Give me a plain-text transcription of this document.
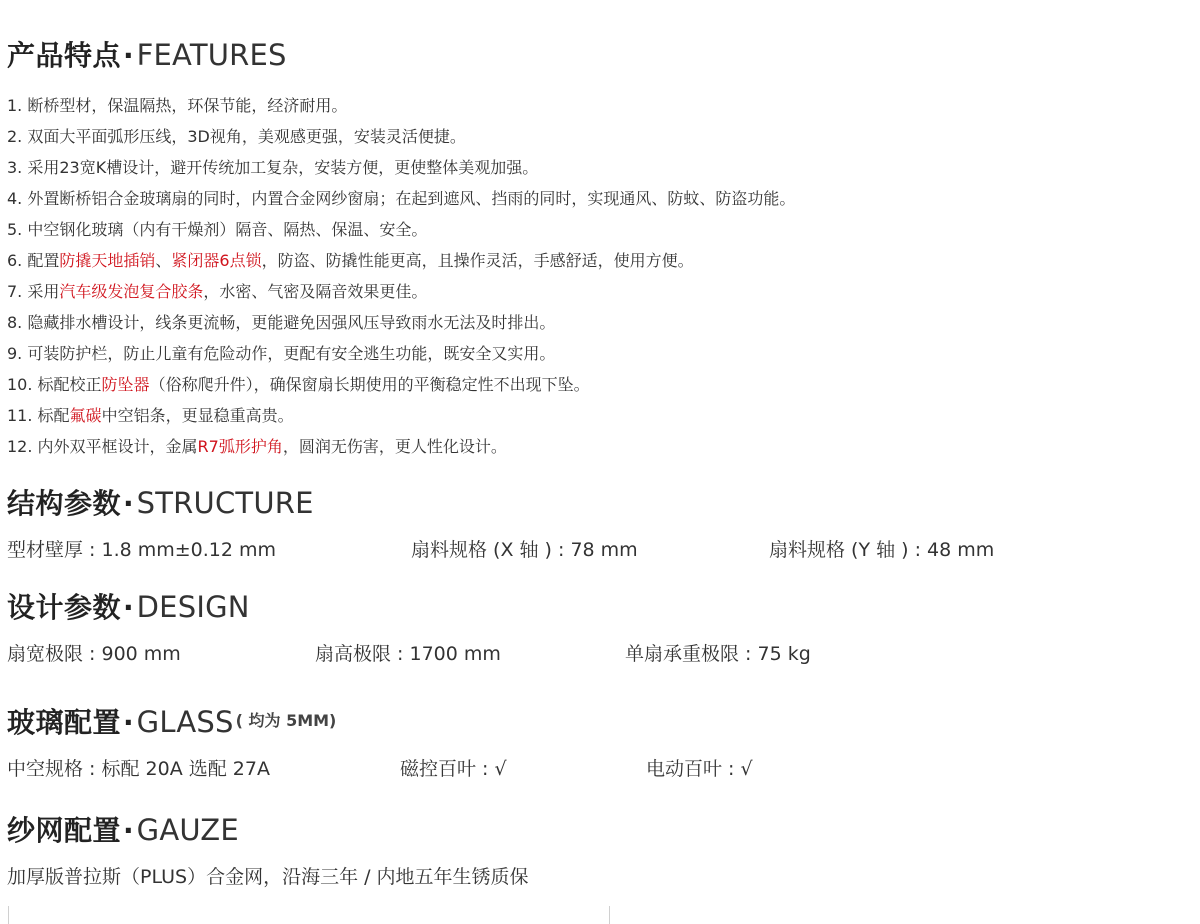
产品特点· FEATURES
1. 断桥型材，保温隔热，环保节能，经济耐用。
2. 双面大平面弧形压线，3D视角，美观感更强，安装灵活便捷。
3. 采用23宽K槽设计，避开传统加工复杂，安装方便，更使整体美观加强。
4. 外置断桥铝合金玻璃扇的同时，内置合金网纱窗扇；在起到遮风、挡雨的同时，实现通风、防蚊、防盗功能。
5. 中空钢化玻璃（内有干燥剂）隔音、隔热、保温、安全。
6. 配置防撬天地插销、紧闭器6点锁，防盗、防撬性能更高，且操作灵活，手感舒适，使用方便。
7. 采用汽车级发泡复合胶条，水密、气密及隔音效果更佳。
8. 隐藏排水槽设计，线条更流畅，更能避免因强风压导致雨水无法及时排出。
9. 可装防护栏，防止儿童有危险动作，更配有安全逃生功能，既安全又实用。
10. 标配校正防坠器（俗称爬升件），确保窗扇长期使用的平衡稳定性不出现下坠。
11. 标配氟碳中空铝条，更显稳重高贵。
12. 内外双平框设计，金属R7弧形护角，圆润无伤害，更人性化设计。
结构参数· STRUCTURE
型材壁厚 : 1.8 mm±0.12 mm	扇料规格 (X 轴 ) : 78 mm	扇料规格 (Y 轴 ) : 48 mm
设计参数· DESIGN
扇宽极限 : 900 mm	扇高极限 : 1700 mm	单扇承重极限 : 75 kg
玻璃配置· GLASS $^{( 均为 5MM)}$
中空规格 : 标配 20A 选配 27A	磁控百叶 : √	电动百叶 : √
纱网配置· GAUZE
加厚版普拉斯（PLUS）合金网，沿海三年 / 内地五年生锈质保
